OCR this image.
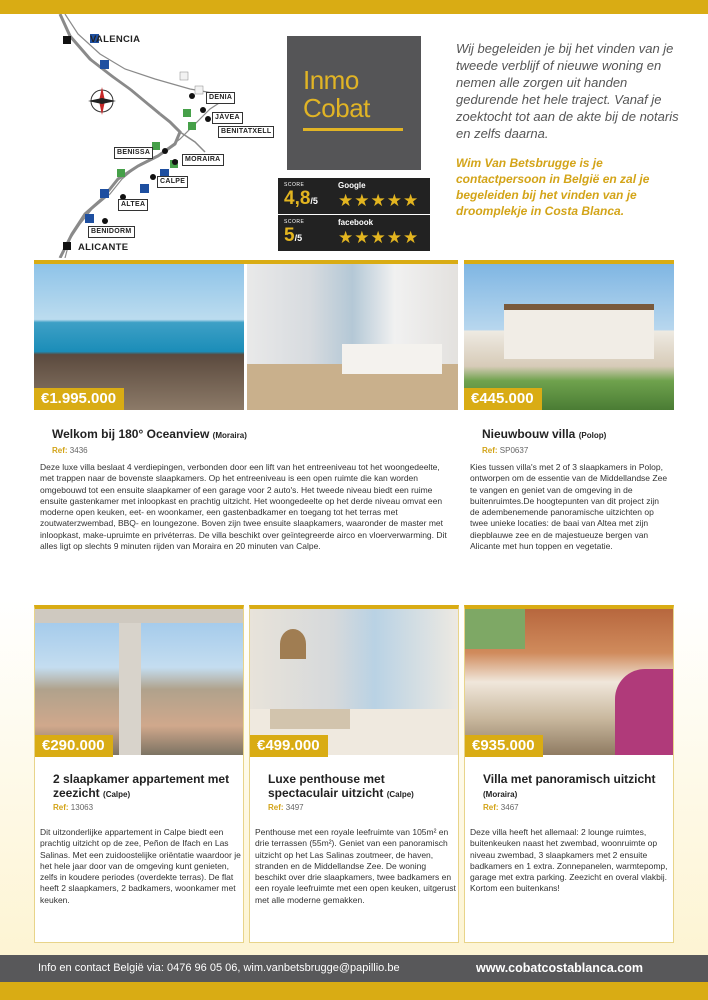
VALENCIA
DENIA
JÁVEA
BENITATXELL
BENISSA
MORAIRA
CALPE
ALTEA
BENIDORM
ALICANTE
Inmo
Cobat
SCORE
4,8/5
Google
★★★★★
SCORE
5/5
facebook
★★★★★

Wij begeleiden je bij het vinden van je tweede verblijf of nieuwe woning en nemen alle zorgen uit handen gedurende het hele traject. Vanaf je zoektocht tot aan de akte bij de notaris en zelfs daarna.

Wim Van Betsbrugge is je contactpersoon in België en zal je begeleiden bij het vinden van je droomplekje in Costa Blanca.

€1.995.000
Welkom bij 180° Oceanview (Moraira)
Ref: 3436
Deze luxe villa beslaat 4 verdiepingen, verbonden door een lift van het entreeniveau tot het woongedeelte, met trappen naar de bovenste slaapkamers. Op het entreeniveau is een open ruimte die kan worden omgebouwd tot een ensuite slaapkamer of een garage voor 2 auto's. Het tweede niveau biedt een ruime ensuite gastenkamer met inloopkast en prachtig uitzicht. Het woongedeelte op het derde niveau omvat een moderne open keuken, eet- en woonkamer, een gastenbadkamer en toegang tot het terras met zoutwaterzwembad, BBQ- en loungezone. Boven zijn twee ensuite slaapkamers, waaronder de master met inloopkast, make-upruimte en privéterras. De villa beschikt over geïntegreerde airco en vloerverwarming. Dit alles ligt op slechts 9 minuten rijden van Moraira en 20 minuten van Calpe.
€445.000
Nieuwbouw villa (Polop)
Ref: SP0637
Kies tussen villa's met 2 of 3 slaapkamers in Polop, ontworpen om de essentie van de Middellandse Zee te vangen en geniet van de omgeving in de buitenruimtes.De hoogtepunten van dit project zijn de adembenemende panoramische uitzichten op twee unieke locaties: de baai van Altea met zijn diepblauwe zee en de majestueuze bergen van Alicante met hun toppen en vegetatie.
€290.000
2 slaapkamer appartement met zeezicht (Calpe)
Ref: 13063
Dit uitzonderlijke appartement in Calpe biedt een prachtig uitzicht op de zee, Peñon de Ifach en Las Salinas. Met een zuidoostelijke oriëntatie waardoor je het hele jaar door van de omgeving kunt genieten, zelfs in koudere periodes (overdekte terras). De flat heeft 2 slaapkamers, 2 badkamers, woonkamer met keuken.
€499.000
Luxe penthouse met spectaculair uitzicht (Calpe)
Ref: 3497
Penthouse met een royale leefruimte van 105m² en drie terrassen (55m²). Geniet van een panoramisch uitzicht op het Las Salinas zoutmeer, de haven, stranden en de Middellandse Zee. De woning beschikt over drie slaapkamers, twee badkamers en een royale leefruimte met een open keuken, uitgerust met alle moderne gemakken.
€935.000
Villa met panoramisch uitzicht (Moraira)
Ref: 3467
Deze villa heeft het allemaal: 2 lounge ruimtes, buitenkeuken naast het zwembad, woonruimte op niveau zwembad, 3 slaapkamers met 2 ensuite badkamers en 1 extra. Zonnepanelen, warmtepomp, garage met extra parking. Zeezicht en overal vlakbij. Kortom een buitenkans!
Info en contact België via: 0476 96 05 06, wim.vanbetsbrugge@papillio.be	www.cobatcostablanca.com
